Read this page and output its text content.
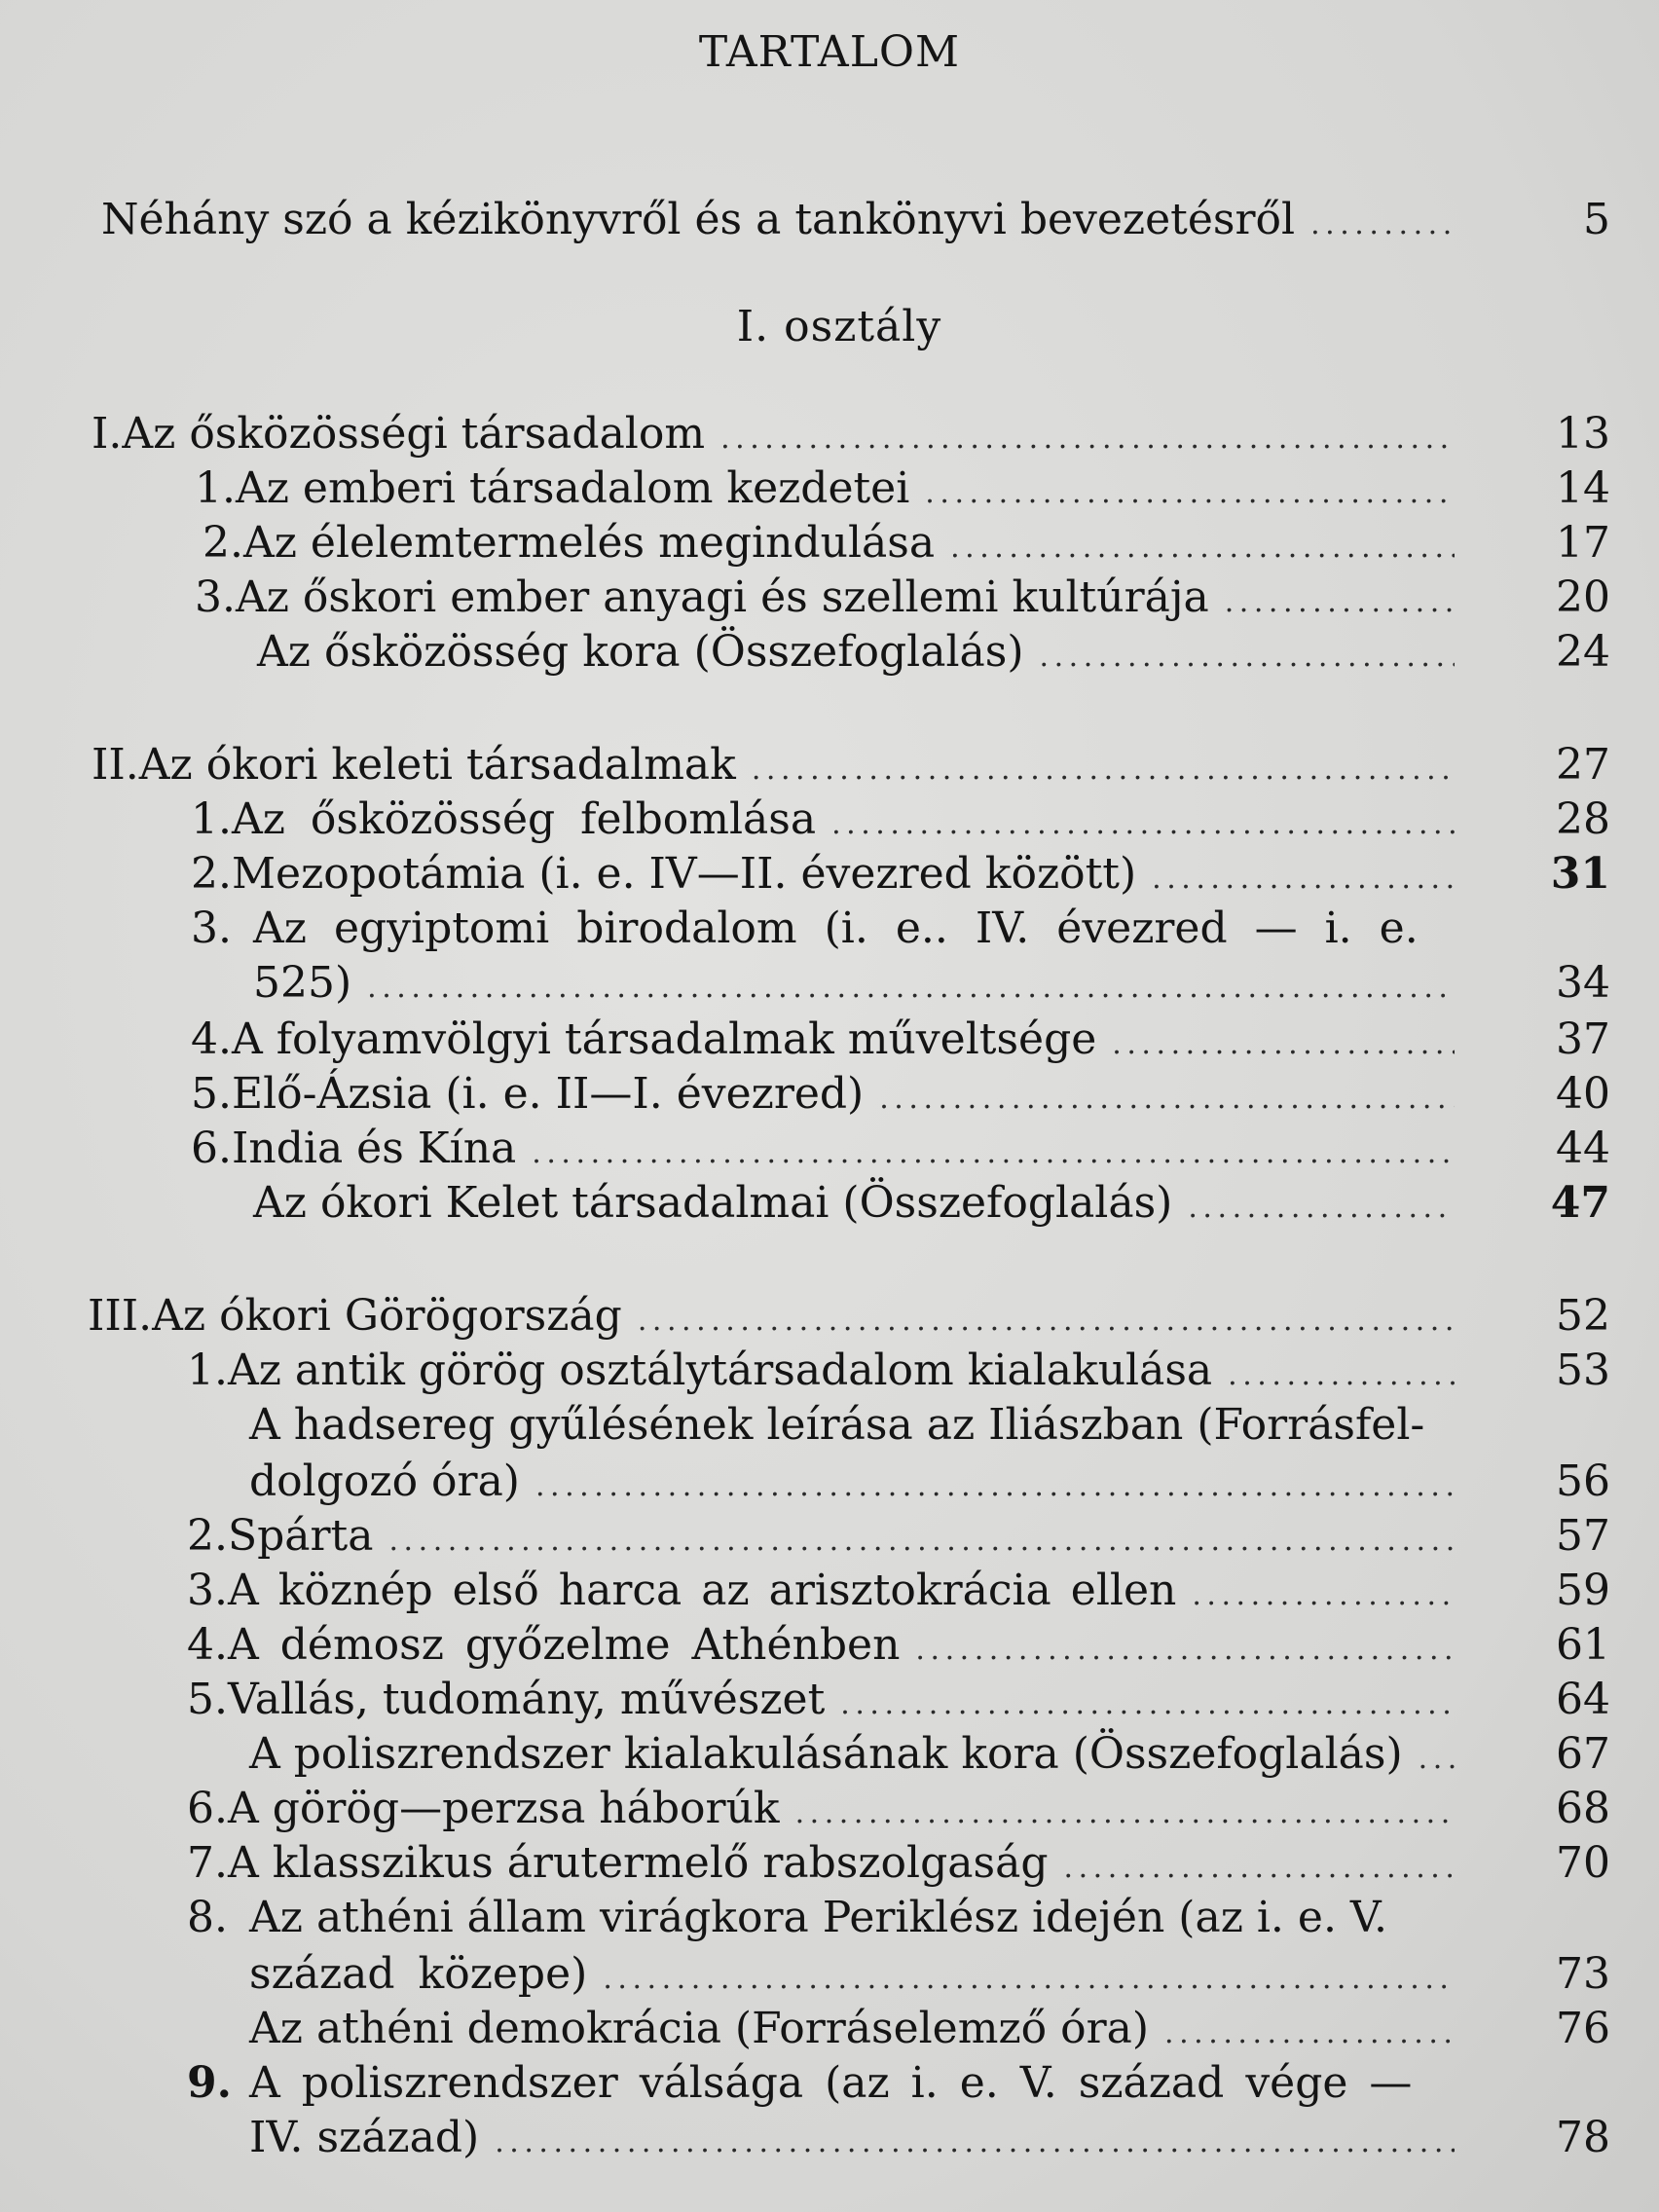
TARTALOM
Néhány szó a kézikönyvről és a tankönyvi bevezetésről . . .	5
I. osztály
I. Az ősközösségi társadalom . . .	13
1. Az emberi társadalom kezdetei . . .	14
2. Az élelemtermelés megindulása . . .	17
3. Az őskori ember anyagi és szellemi kultúrája . . .	20
Az ősközösség kora (Összefoglalás) . . .	24
II. Az ókori keleti társadalmak . . .	27
1. Az ősközösség felbomlása . . .	28
2. Mezopotámia (i. e. IV—II. évezred között) . . .	31
3. Az egyiptomi birodalom (i. e.. IV. évezred — i. e.
525) . . .	34
4. A folyamvölgyi társadalmak műveltsége . . .	37
5. Elő-Ázsia (i. e. II—I. évezred) . . .	40
6. India és Kína . . .	44
Az ókori Kelet társadalmai (Összefoglalás) . . .	47
III. Az ókori Görögország . . .	52
1. Az antik görög osztálytársadalom kialakulása . . .	53
A hadsereg gyűlésének leírása az Iliászban (Forrásfel-
dolgozó óra) . . .	56
2. Spárta . . .	57
3. A köznép első harca az arisztokrácia ellen . . .	59
4. A démosz győzelme Athénben . . .	61
5. Vallás, tudomány, művészet . . .	64
A poliszrendszer kialakulásának kora (Összefoglalás) . . .	67
6. A görög—perzsa háborúk . . .	68
7. A klasszikus árutermelő rabszolgaság . . .	70
8. Az athéni állam virágkora Periklész idején (az i. e. V.
század közepe) . . .	73
Az athéni demokrácia (Forráselemző óra) . . .	76
9. A poliszrendszer válsága (az i. e. V. század vége —
IV. század) . . .	78
